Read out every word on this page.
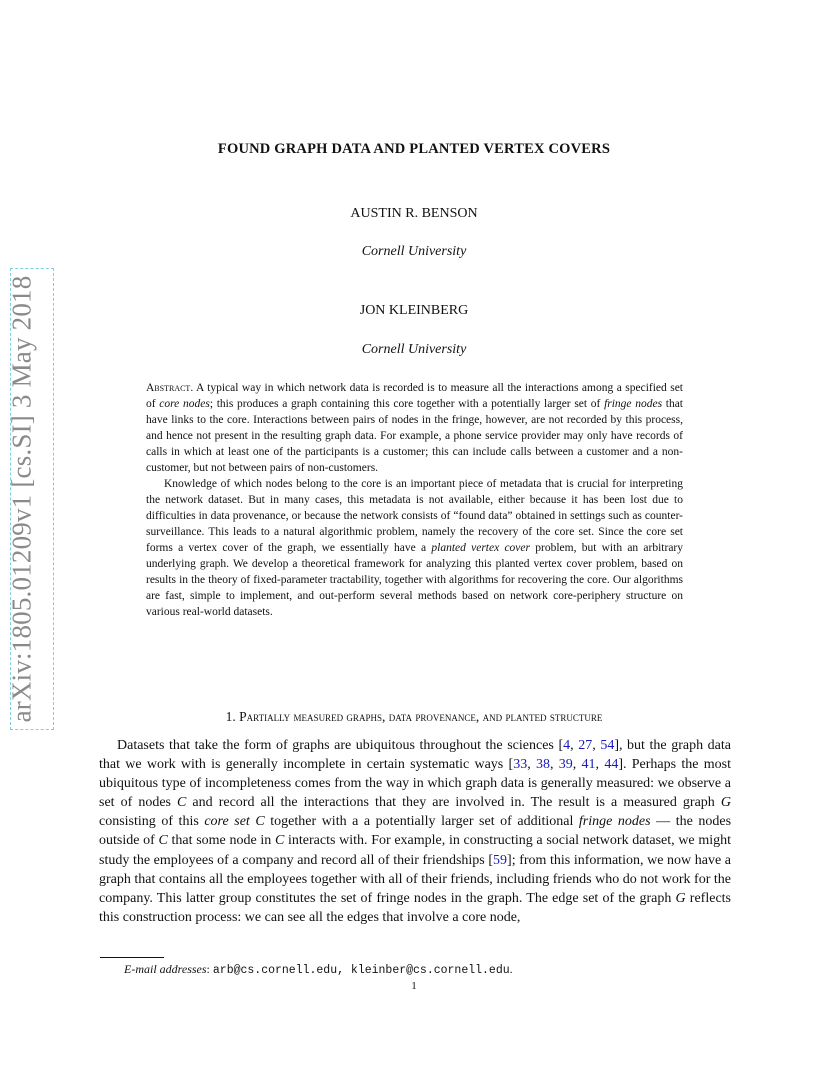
arXiv:1805.01209v1 [cs.SI] 3 May 2018
FOUND GRAPH DATA AND PLANTED VERTEX COVERS
AUSTIN R. BENSON
Cornell University
JON KLEINBERG
Cornell University

Abstract. A typical way in which network data is recorded is to measure all the interactions among a specified set of core nodes; this produces a graph containing this core together with a potentially larger set of fringe nodes that have links to the core. Interactions between pairs of nodes in the fringe, however, are not recorded by this process, and hence not present in the resulting graph data. For example, a phone service provider may only have records of calls in which at least one of the participants is a customer; this can include calls between a customer and a non-customer, but not between pairs of non-customers.

Knowledge of which nodes belong to the core is an important piece of metadata that is crucial for interpreting the network dataset. But in many cases, this metadata is not available, either because it has been lost due to difficulties in data provenance, or because the network consists of “found data” obtained in settings such as counter-surveillance. This leads to a natural algorithmic problem, namely the recovery of the core set. Since the core set forms a vertex cover of the graph, we essentially have a planted vertex cover problem, but with an arbitrary underlying graph. We develop a theoretical framework for analyzing this planted vertex cover problem, based on results in the theory of fixed-parameter tractability, together with algorithms for recovering the core. Our algorithms are fast, simple to implement, and out-perform several methods based on network core-periphery structure on various real-world datasets.

1. Partially measured graphs, data provenance, and planted structure

Datasets that take the form of graphs are ubiquitous throughout the sciences [4, 27, 54], but the graph data that we work with is generally incomplete in certain systematic ways [33, 38, 39, 41, 44]. Perhaps the most ubiquitous type of incompleteness comes from the way in which graph data is generally measured: we observe a set of nodes C and record all the interactions that they are involved in. The result is a measured graph G consisting of this core set C together with a a potentially larger set of additional fringe nodes — the nodes outside of C that some node in C interacts with. For example, in constructing a social network dataset, we might study the employees of a company and record all of their friendships [59]; from this information, we now have a graph that contains all the employees together with all of their friends, including friends who do not work for the company. This latter group constitutes the set of fringe nodes in the graph. The edge set of the graph G reflects this construction process: we can see all the edges that involve a core node,

E-mail addresses: arb@cs.cornell.edu, kleinber@cs.cornell.edu.
1
